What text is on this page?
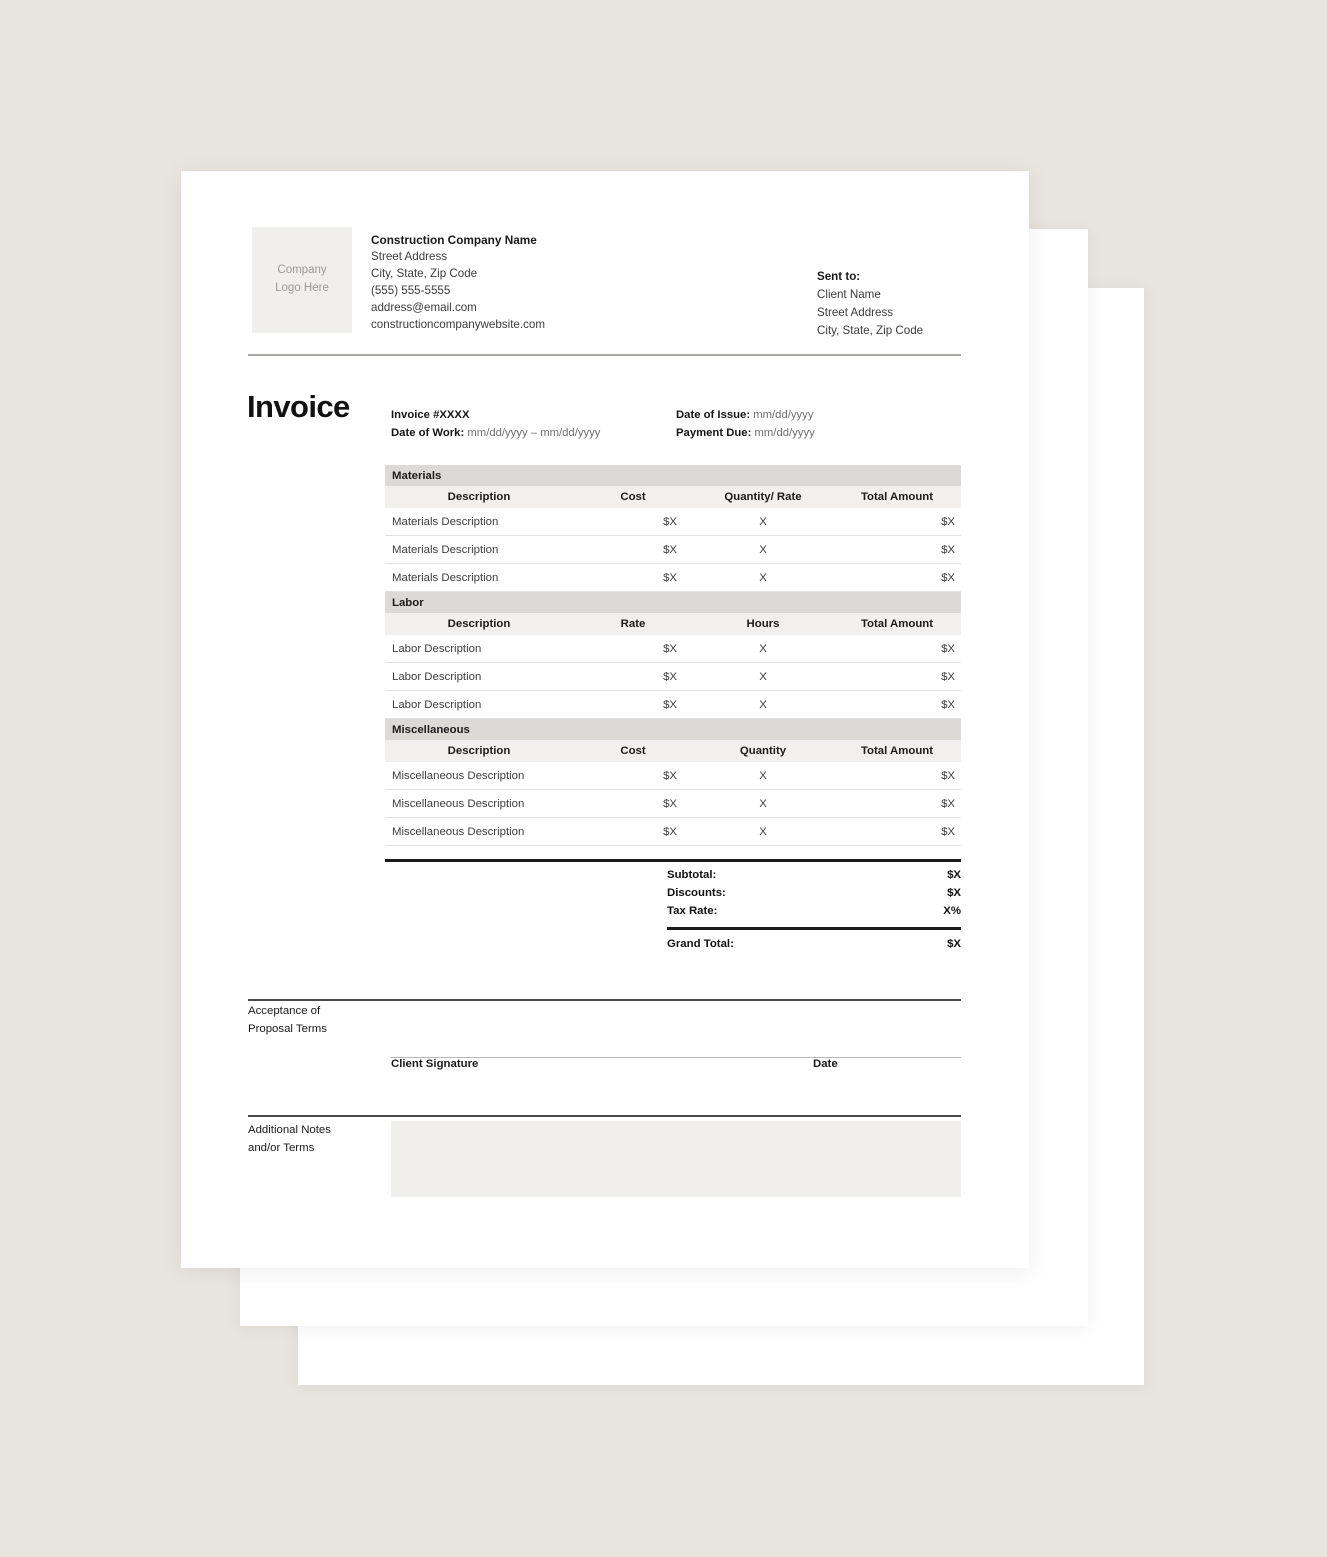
Company
Logo Here
Construction Company Name
Street Address
City, State, Zip Code
(555) 555-5555
address@email.com
constructioncompanywebsite.com
Sent to:
Client Name
Street Address
City, State, Zip Code
Invoice	Invoice #XXXX	Date of Issue: mm/dd/yyyy
Date of Work: mm/dd/yyyy – mm/dd/yyyy	Payment Due: mm/dd/yyyy
Materials			
Description	Cost	Quantity/ Rate	Total Amount
Materials Description	$X	X	$X
Materials Description	$X	X	$X
Materials Description	$X	X	$X
Labor			
Description	Rate	Hours	Total Amount
Labor Description	$X	X	$X
Labor Description	$X	X	$X
Labor Description	$X	X	$X
Miscellaneous			
Description	Cost	Quantity	Total Amount
Miscellaneous Description	$X	X	$X
Miscellaneous Description	$X	X	$X
Miscellaneous Description	$X	X	$X
Subtotal:	$X
Discounts:	$X
Tax Rate:	X%
Grand Total:	$X
Acceptance of
Proposal Terms
Client Signature	Date
Additional Notes
and/or Terms
